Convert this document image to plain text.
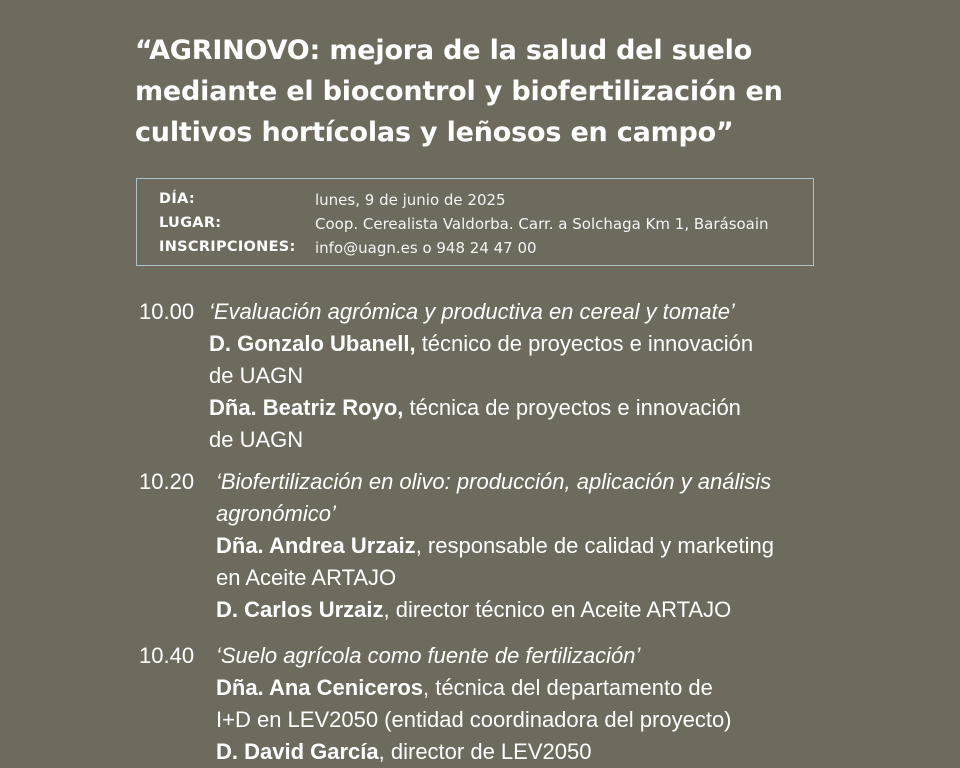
“AGRINOVO: mejora de la salud del suelo
mediante el biocontrol y biofertilización en
cultivos hortícolas y leñosos en campo”
DÍA:	lunes, 9 de junio de 2025
LUGAR:	Coop. Cerealista Valdorba. Carr. a Solchaga Km 1, Barásoain
INSCRIPCIONES: info@uagn.es o 948 24 47 00
10.00 ‘Evaluación agrómica y productiva en cereal y tomate’
D. Gonzalo Ubanell, técnico de proyectos e innovación
de UAGN
Dña. Beatriz Royo, técnica de proyectos e innovación
de UAGN
10.20 ‘Biofertilización en olivo: producción, aplicación y análisis
agronómico’
Dña. Andrea Urzaiz, responsable de calidad y marketing
en Aceite ARTAJO
D. Carlos Urzaiz, director técnico en Aceite ARTAJO
10.40 ‘Suelo agrícola como fuente de fertilización’
Dña. Ana Ceniceros, técnica del departamento de
I+D en LEV2050 (entidad coordinadora del proyecto)
D. David García, director de LEV2050
